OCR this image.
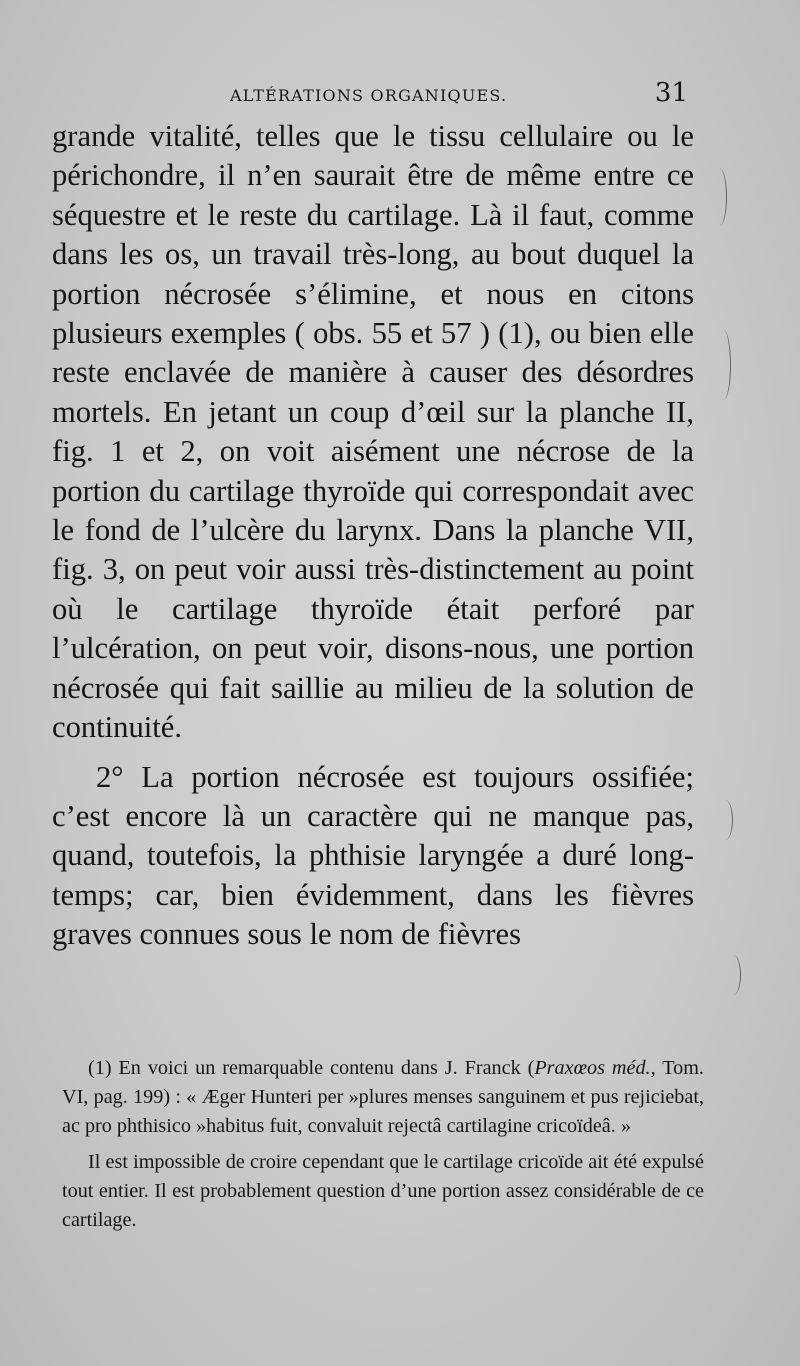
ALTÉRATIONS ORGANIQUES.	31

grande vitalité, telles que le tissu cellulaire ou le périchondre, il n’en saurait être de même entre ce séquestre et le reste du cartilage. Là il faut, comme dans les os, un travail très-long, au bout duquel la portion nécrosée s’élimine, et nous en citons plusieurs exemples ( obs. 55 et 57 ) (1), ou bien elle reste enclavée de manière à causer des désordres mortels. En jetant un coup d’œil sur la planche II, fig. 1 et 2, on voit aisément une nécrose de la portion du cartilage thyroïde qui correspondait avec le fond de l’ulcère du larynx. Dans la planche VII, fig. 3, on peut voir aussi très-distinctement au point où le cartilage thyroïde était perforé par l’ulcération, on peut voir, disons-nous, une portion nécrosée qui fait saillie au milieu de la solution de continuité.

2° La portion nécrosée est toujours ossifiée; c’est encore là un caractère qui ne manque pas, quand, toutefois, la phthisie laryngée a duré long-temps; car, bien évidemment, dans les fièvres graves connues sous le nom de fièvres

(1) En voici un remarquable contenu dans J. Franck (Praxœos méd., Tom. VI, pag. 199) : « Æger Hunteri per »plures menses sanguinem et pus rejiciebat, ac pro phthisico »habitus fuit, convaluit rejectâ cartilagine cricoïdeâ. »

Il est impossible de croire cependant que le cartilage cricoïde ait été expulsé tout entier. Il est probablement question d’une portion assez considérable de ce cartilage.
